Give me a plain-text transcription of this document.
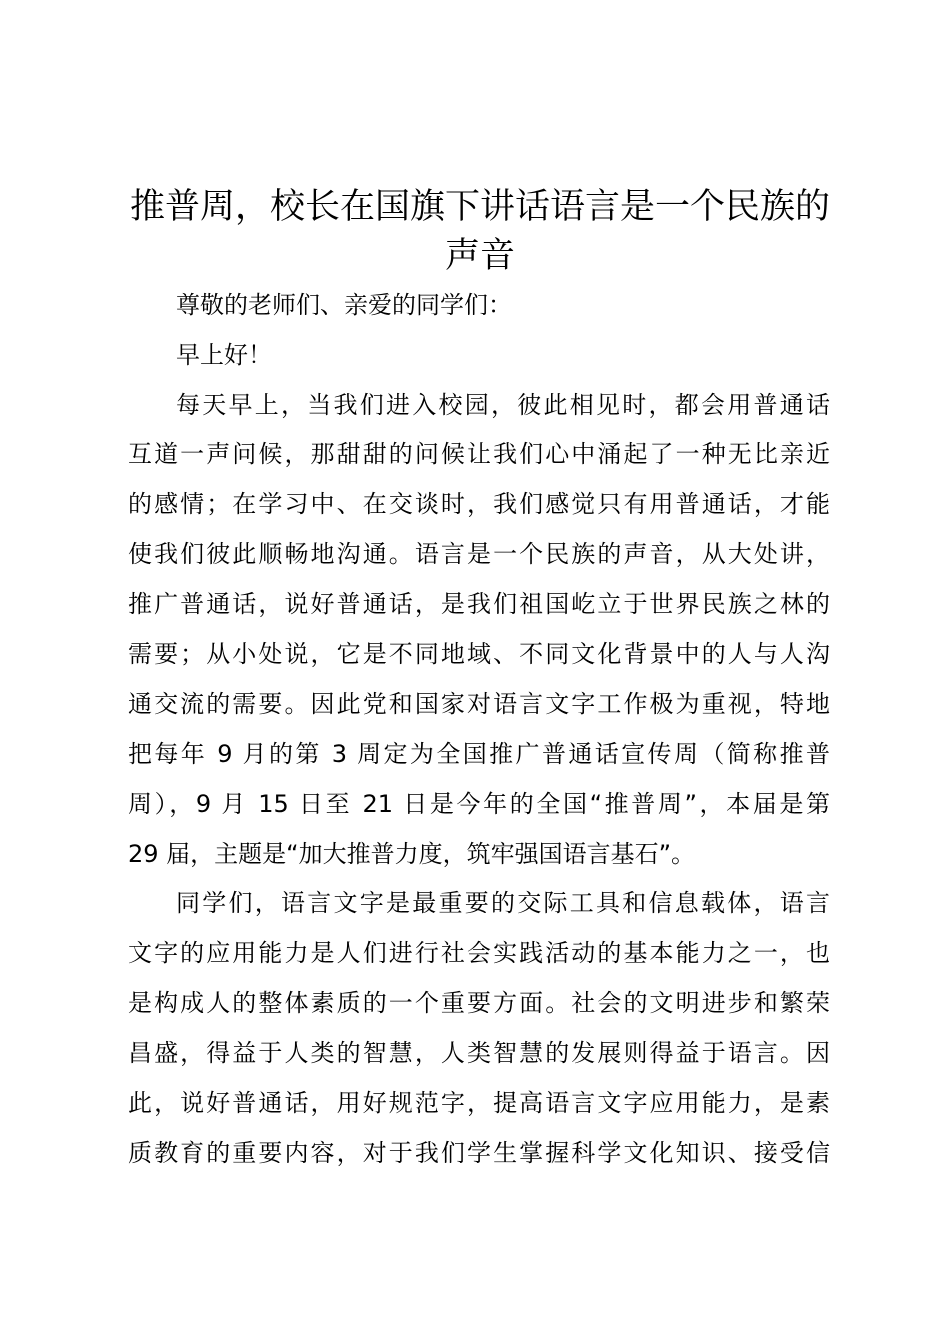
推普周，校长在国旗下讲话语言是一个民族的
声音
尊敬的老师们、亲爱的同学们：
早上好！
每天早上，当我们进入校园，彼此相见时，都会用普通话
互道一声问候，那甜甜的问候让我们心中涌起了一种无比亲近
的感情；在学习中、在交谈时，我们感觉只有用普通话，才能
使我们彼此顺畅地沟通。语言是一个民族的声音，从大处讲，
推广普通话，说好普通话，是我们祖国屹立于世界民族之林的
需要；从小处说，它是不同地域、不同文化背景中的人与人沟
通交流的需要。因此党和国家对语言文字工作极为重视，特地
把每年 9 月的第 3 周定为全国推广普通话宣传周（简称推普
周），9 月 15 日至 21 日是今年的全国“推普周”，本届是第
29 届，主题是“加大推普力度，筑牢强国语言基石”。
同学们，语言文字是最重要的交际工具和信息载体，语言
文字的应用能力是人们进行社会实践活动的基本能力之一，也
是构成人的整体素质的一个重要方面。社会的文明进步和繁荣
昌盛，得益于人类的智慧，人类智慧的发展则得益于语言。因
此，说好普通话，用好规范字，提高语言文字应用能力，是素
质教育的重要内容，对于我们学生掌握科学文化知识、接受信
